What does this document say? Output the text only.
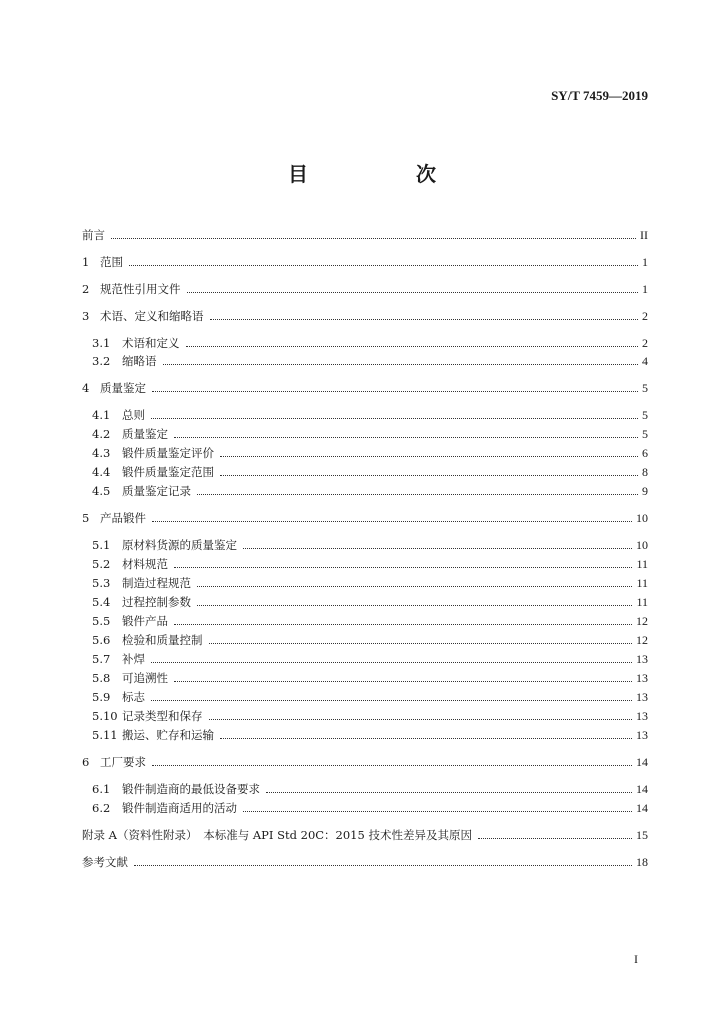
SY/T 7459—2019
目　次
前言	II
1 范围	1
2 规范性引用文件	1
3 术语、定义和缩略语	2
3.1 术语和定义	2
3.2 缩略语	4
4 质量鉴定	5
4.1 总则	5
4.2 质量鉴定	5
4.3 锻件质量鉴定评价	6
4.4 锻件质量鉴定范围	8
4.5 质量鉴定记录	9
5 产品锻件	10
5.1 原材料货源的质量鉴定	10
5.2 材料规范	11
5.3 制造过程规范	11
5.4 过程控制参数	11
5.5 锻件产品	12
5.6 检验和质量控制	12
5.7 补焊	13
5.8 可追溯性	13
5.9 标志	13
5.10 记录类型和保存	13
5.11 搬运、贮存和运输	13
6 工厂要求	14
6.1 锻件制造商的最低设备要求	14
6.2 锻件制造商适用的活动	14
附录 A（资料性附录）　本标准与 API Std 20C：2015 技术性差异及其原因	15
参考文献	18
I
